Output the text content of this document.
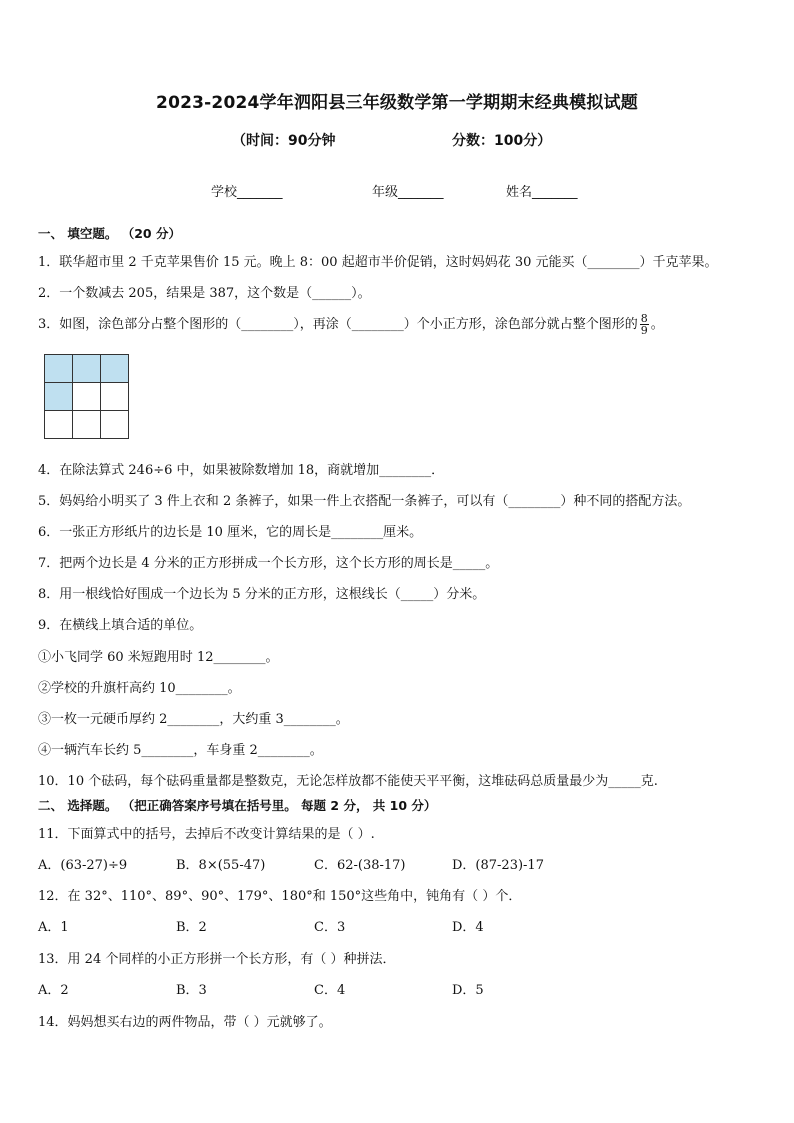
2023-2024学年泗阳县三年级数学第一学期期末经典模拟试题
（时间：90分钟	分数：100分）
学校_______	年级_______	姓名_______
一、 填空题。 （20 分）
1．联华超市里 2 千克苹果售价 15 元。晚上 8：00 起超市半价促销，这时妈妈花 30 元能买（________）千克苹果。
2．一个数减去 205，结果是 387，这个数是（______）。
3．如图，涂色部分占整个图形的（________），再涂（________）个小正方形，涂色部分就占整个图形的 $\frac{8}{9}$ 。
4．在除法算式 246÷6 中，如果被除数增加 18，商就增加________．
5．妈妈给小明买了 3 件上衣和 2 条裤子，如果一件上衣搭配一条裤子，可以有（________）种不同的搭配方法。
6．一张正方形纸片的边长是 10 厘米，它的周长是________厘米。
7．把两个边长是 4 分米的正方形拼成一个长方形，这个长方形的周长是_____。
8．用一根线恰好围成一个边长为 5 分米的正方形，这根线长（_____）分米。
9．在横线上填合适的单位。
①小飞同学 60 米短跑用时 12________。
②学校的升旗杆高约 10________。
③一枚一元硬币厚约 2________，大约重 3________。
④一辆汽车长约 5________，车身重 2________。
10．10 个砝码，每个砝码重量都是整数克，无论怎样放都不能使天平平衡，这堆砝码总质量最少为_____克.
二、 选择题。 （把正确答案序号填在括号里。 每题 2 分， 共 10 分）
11．下面算式中的括号，去掉后不改变计算结果的是（ ）.
A．(63-27)÷9	B．8×(55-47)	C．62-(38-17)	D．(87-23)-17
12．在 32°、110°、89°、90°、179°、180°和 150°这些角中，钝角有（ ）个．
A．1	B．2	C．3	D．4
13．用 24 个同样的小正方形拼一个长方形，有（ ）种拼法．
A．2	B．3	C．4	D．5
14．妈妈想买右边的两件物品，带（ ）元就够了。
